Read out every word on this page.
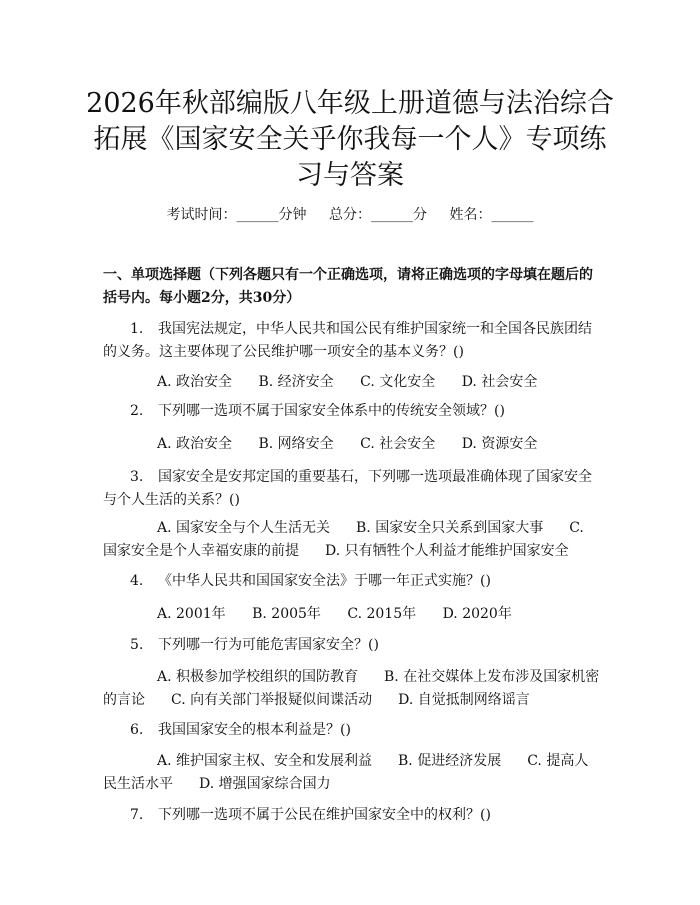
2026年秋部编版八年级上册道德与法治综合
拓展《国家安全关乎你我每一个人》专项练
习与答案
考试时间：______分钟 总分：______分 姓名：______
一、单项选择题（下列各题只有一个正确选项，请将正确选项的字母填在题后的括号内。每小题2分，共30分）
1. 我国宪法规定，中华人民共和国公民有维护国家统一和全国各民族团结的义务。这主要体现了公民维护哪一项安全的基本义务？()
A. 政治安全 B. 经济安全 C. 文化安全 D. 社会安全
2. 下列哪一选项不属于国家安全体系中的传统安全领域？()
A. 政治安全 B. 网络安全 C. 社会安全 D. 资源安全
3. 国家安全是安邦定国的重要基石，下列哪一选项最准确体现了国家安全与个人生活的关系？()
A. 国家安全与个人生活无关 B. 国家安全只关系到国家大事 C. 国家安全是个人幸福安康的前提 D. 只有牺牲个人利益才能维护国家安全
4. 《中华人民共和国国家安全法》于哪一年正式实施？()
A. 2001年 B. 2005年 C. 2015年 D. 2020年
5. 下列哪一行为可能危害国家安全？()
A. 积极参加学校组织的国防教育 B. 在社交媒体上发布涉及国家机密的言论 C. 向有关部门举报疑似间谍活动 D. 自觉抵制网络谣言
6. 我国国家安全的根本利益是？()
A. 维护国家主权、安全和发展利益 B. 促进经济发展 C. 提高人民生活水平 D. 增强国家综合国力
7. 下列哪一选项不属于公民在维护国家安全中的权利？()
